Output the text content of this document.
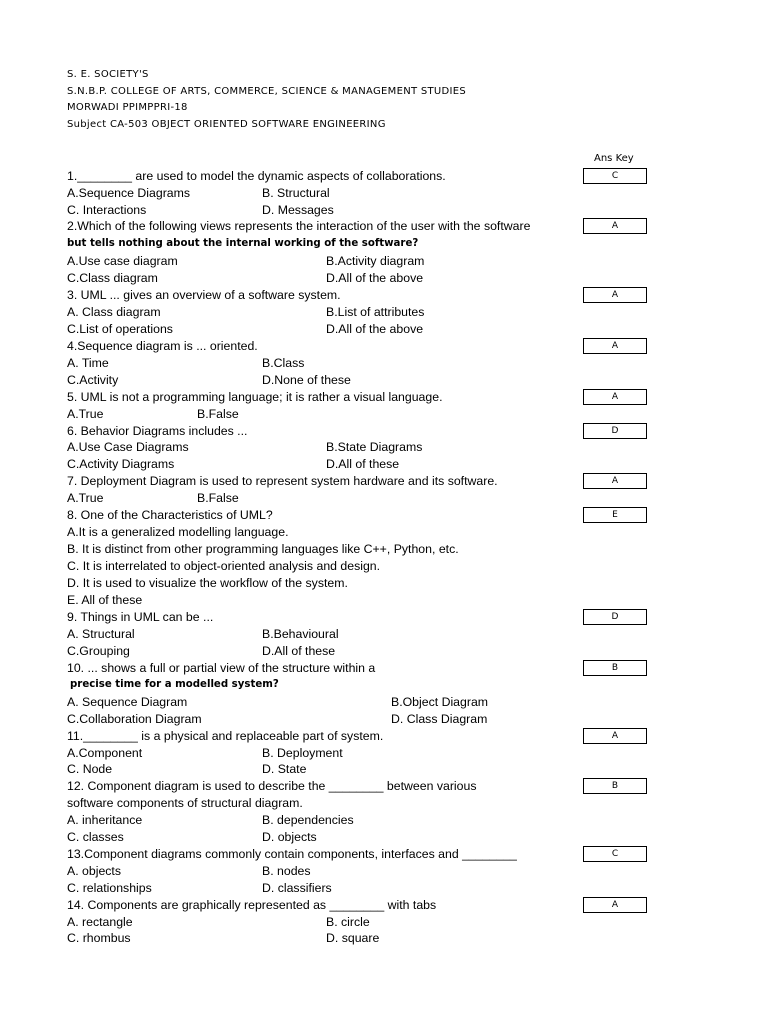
S. E. SOCIETY'S
S.N.B.P. COLLEGE OF ARTS, COMMERCE, SCIENCE & MANAGEMENT STUDIES
MORWADI PPIMPPRI-18
Subject CA-503 OBJECT ORIENTED SOFTWARE ENGINEERING
Ans Key
1.________ are used to model the dynamic aspects of collaborations.	C
A.Sequence Diagrams	B. Structural
C. Interactions	D. Messages
2.Which of the following views represents the interaction of the user with the software	A
but tells nothing about the internal working of the software?
A.Use case diagram	B.Activity diagram
C.Class diagram	D.All of the above
3. UML ... gives an overview of a software system.	A
A. Class diagram	B.List of attributes
C.List of operations	D.All of the above
4.Sequence diagram is ... oriented.	A
A. Time	B.Class
C.Activity	D.None of these
5. UML is not a programming language; it is rather a visual language.	A
A.True	B.False
6. Behavior Diagrams includes ...	D
A.Use Case Diagrams	B.State Diagrams
C.Activity Diagrams	D.All of these
7. Deployment Diagram is used to represent system hardware and its software.	A
A.True	B.False
8. One of the Characteristics of UML?	E
A.It is a generalized modelling language.
B. It is distinct from other programming languages like C++, Python, etc.
C. It is interrelated to object-oriented analysis and design.
D. It is used to visualize the workflow of the system.
E. All of these
9. Things in UML can be ...	D
A. Structural	B.Behavioural
C.Grouping	D.All of these
10. ... shows a full or partial view of the structure within a	B
precise time for a modelled system?
A. Sequence Diagram	B.Object Diagram
C.Collaboration Diagram	D. Class Diagram
11.________ is a physical and replaceable part of system.	A
A.Component	B. Deployment
C. Node	D. State
12. Component diagram is used to describe the ________ between various	B
software components of structural diagram.
A. inheritance	B. dependencies
C. classes	D. objects
13.Component diagrams commonly contain components, interfaces and ________	C
A. objects	B. nodes
C. relationships	D. classifiers
14. Components are graphically represented as ________ with tabs	A
A. rectangle	B. circle
C. rhombus	D. square
